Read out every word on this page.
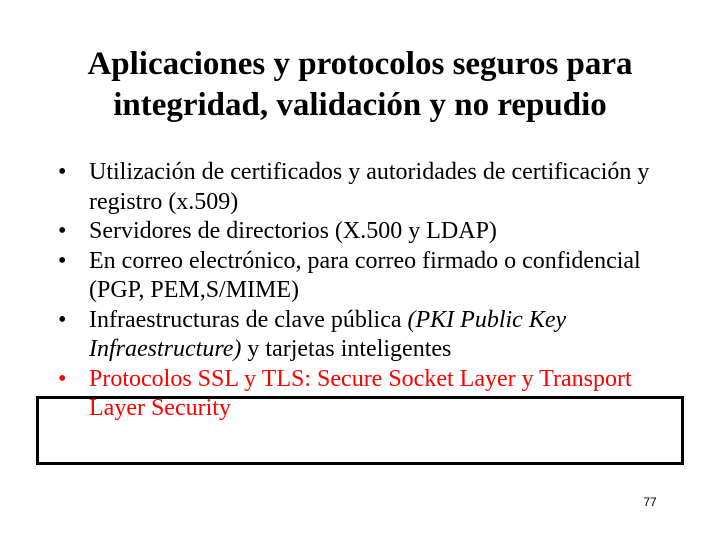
Aplicaciones y protocolos seguros para
integridad, validación y no repudio
• Utilización de certificados y autoridades de certificación y registro (x.509)
• Servidores de directorios (X.500 y LDAP)
• En correo electrónico, para correo firmado o confidencial (PGP, PEM,S/MIME)
• Infraestructuras de clave pública (PKI Public Key Infraestructure) y tarjetas inteligentes
• Protocolos SSL y TLS: Secure Socket Layer y Transport Layer Security
77
